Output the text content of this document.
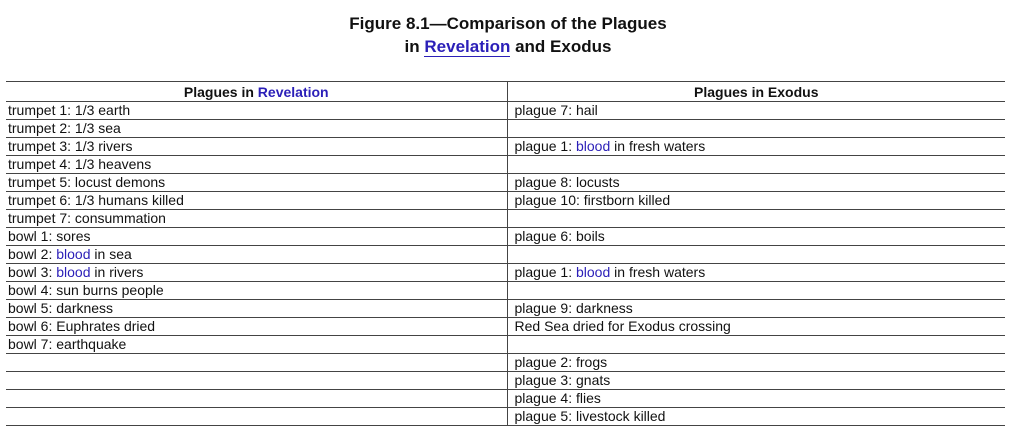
Figure 8.1—Comparison of the Plagues
in Revelation and Exodus
Plagues in Revelation	Plagues in Exodus
trumpet 1: 1/3 earth	plague 7: hail
trumpet 2: 1/3 sea	
trumpet 3: 1/3 rivers	plague 1: blood in fresh waters
trumpet 4: 1/3 heavens	
trumpet 5: locust demons	plague 8: locusts
trumpet 6: 1/3 humans killed	plague 10: firstborn killed
trumpet 7: consummation	
bowl 1: sores	plague 6: boils
bowl 2: blood in sea	
bowl 3: blood in rivers	plague 1: blood in fresh waters
bowl 4: sun burns people	
bowl 5: darkness	plague 9: darkness
bowl 6: Euphrates dried	Red Sea dried for Exodus crossing
bowl 7: earthquake	
	plague 2: frogs
	plague 3: gnats
	plague 4: flies
	plague 5: livestock killed
